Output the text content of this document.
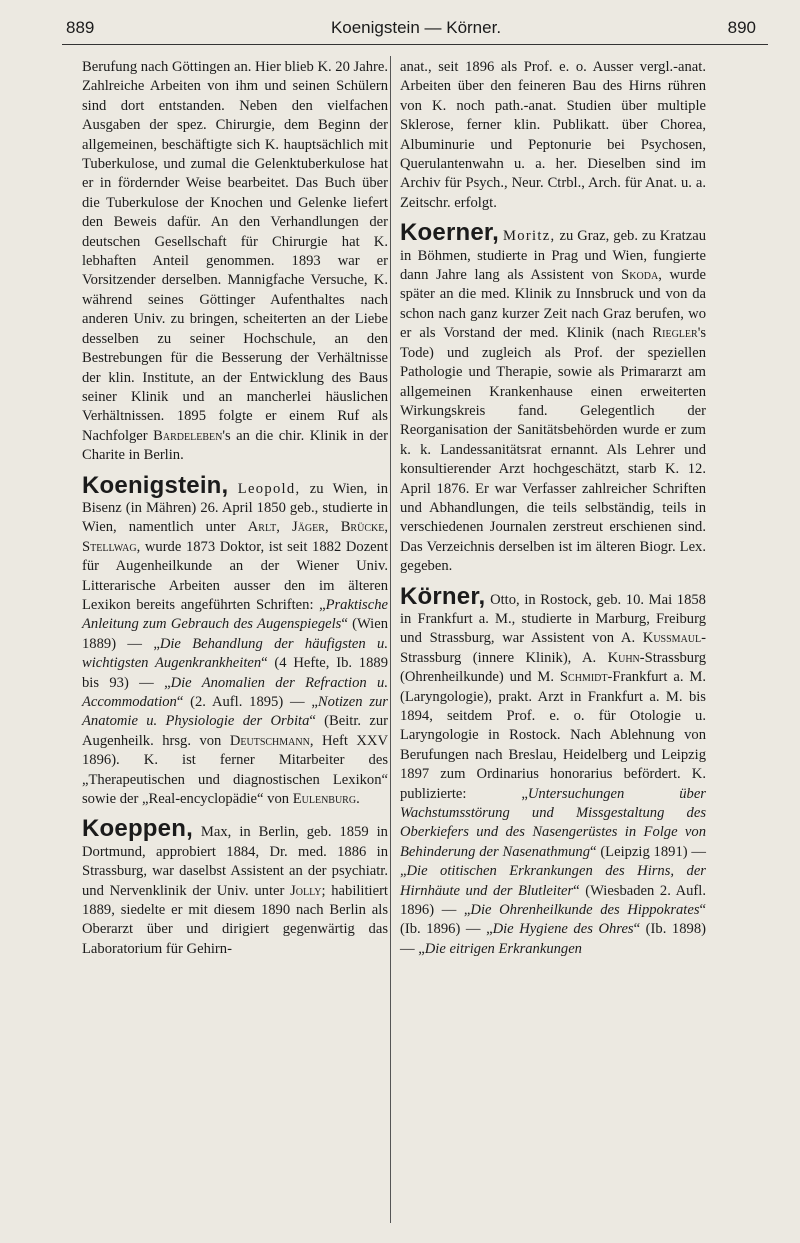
889	Koenigstein — Körner.	890

Berufung nach Göttingen an. Hier blieb K. 20 Jahre. Zahlreiche Arbeiten von ihm und seinen Schülern sind dort entstanden. Neben den vielfachen Ausgaben der spez. Chirurgie, dem Beginn der allgemeinen, beschäftigte sich K. hauptsächlich mit Tuberkulose, und zumal die Gelenktuberkulose hat er in fördernder Weise bearbeitet. Das Buch über die Tuberkulose der Knochen und Gelenke liefert den Beweis dafür. An den Verhandlungen der deutschen Gesellschaft für Chirurgie hat K. lebhaften Anteil genommen. 1893 war er Vorsitzender derselben. Mannigfache Versuche, K. während seines Göttinger Aufenthaltes nach anderen Univ. zu bringen, scheiterten an der Liebe desselben zu seiner Hochschule, an den Bestrebungen für die Besserung der Verhältnisse der klin. Institute, an der Entwicklung des Baus seiner Klinik und an mancherlei häuslichen Verhältnissen. 1895 folgte er einem Ruf als Nachfolger Bardeleben's an die chir. Klinik in der Charite in Berlin.

Koenigstein, Leopold, zu Wien, in Bisenz (in Mähren) 26. April 1850 geb., studierte in Wien, namentlich unter Arlt, Jäger, Brücke, Stellwag, wurde 1873 Doktor, ist seit 1882 Dozent für Augenheilkunde an der Wiener Univ. Litterarische Arbeiten ausser den im älteren Lexikon bereits angeführten Schriften: „Praktische Anleitung zum Gebrauch des Augenspiegels“ (Wien 1889) — „Die Behandlung der häufigsten u. wichtigsten Augenkrankheiten“ (4 Hefte, Ib. 1889 bis 93) — „Die Anomalien der Refraction u. Accommodation“ (2. Aufl. 1895) — „Notizen zur Anatomie u. Physiologie der Orbita“ (Beitr. zur Augenheilk. hrsg. von Deutschmann, Heft XXV 1896). K. ist ferner Mitarbeiter des „Therapeutischen und diagnostischen Lexikon“ sowie der „Real-encyclopädie“ von Eulenburg.

Koeppen, Max, in Berlin, geb. 1859 in Dortmund, approbiert 1884, Dr. med. 1886 in Strassburg, war daselbst Assistent an der psychiatr. und Nervenklinik der Univ. unter Jolly; habilitiert 1889, siedelte er mit diesem 1890 nach Berlin als Oberarzt über und dirigiert gegenwärtig das Laboratorium für Gehirn-

anat., seit 1896 als Prof. e. o. Ausser vergl.-anat. Arbeiten über den feineren Bau des Hirns rühren von K. noch path.-anat. Studien über multiple Sklerose, ferner klin. Publikatt. über Chorea, Albuminurie und Peptonurie bei Psychosen, Querulantenwahn u. a. her. Dieselben sind im Archiv für Psych., Neur. Ctrbl., Arch. für Anat. u. a. Zeitschr. erfolgt.

Koerner, Moritz, zu Graz, geb. zu Kratzau in Böhmen, studierte in Prag und Wien, fungierte dann Jahre lang als Assistent von Skoda, wurde später an die med. Klinik zu Innsbruck und von da schon nach ganz kurzer Zeit nach Graz berufen, wo er als Vorstand der med. Klinik (nach Riegler's Tode) und zugleich als Prof. der speziellen Pathologie und Therapie, sowie als Primararzt am allgemeinen Krankenhause einen erweiterten Wirkungskreis fand. Gelegentlich der Reorganisation der Sanitätsbehörden wurde er zum k. k. Landessanitätsrat ernannt. Als Lehrer und konsultierender Arzt hochgeschätzt, starb K. 12. April 1876. Er war Verfasser zahlreicher Schriften und Abhandlungen, die teils selbständig, teils in verschiedenen Journalen zerstreut erschienen sind. Das Verzeichnis derselben ist im älteren Biogr. Lex. gegeben.

Körner, Otto, in Rostock, geb. 10. Mai 1858 in Frankfurt a. M., studierte in Marburg, Freiburg und Strassburg, war Assistent von A. Kussmaul- Strassburg (innere Klinik), A. Kuhn-Strassburg (Ohrenheilkunde) und M. Schmidt-Frankfurt a. M. (Laryngologie), prakt. Arzt in Frankfurt a. M. bis 1894, seitdem Prof. e. o. für Otologie u. Laryngologie in Rostock. Nach Ablehnung von Berufungen nach Breslau, Heidelberg und Leipzig 1897 zum Ordinarius honorarius befördert. K. publizierte: „Untersuchungen über Wachstumsstörung und Missgestaltung des Oberkiefers und des Nasengerüstes in Folge von Behinderung der Nasenathmung“ (Leipzig 1891) — „Die otitischen Erkrankungen des Hirns, der Hirnhäute und der Blutleiter“ (Wiesbaden 2. Aufl. 1896) — „Die Ohrenheilkunde des Hippokrates“ (Ib. 1896) — „Die Hygiene des Ohres“ (Ib. 1898) — „Die eitrigen Erkrankungen
